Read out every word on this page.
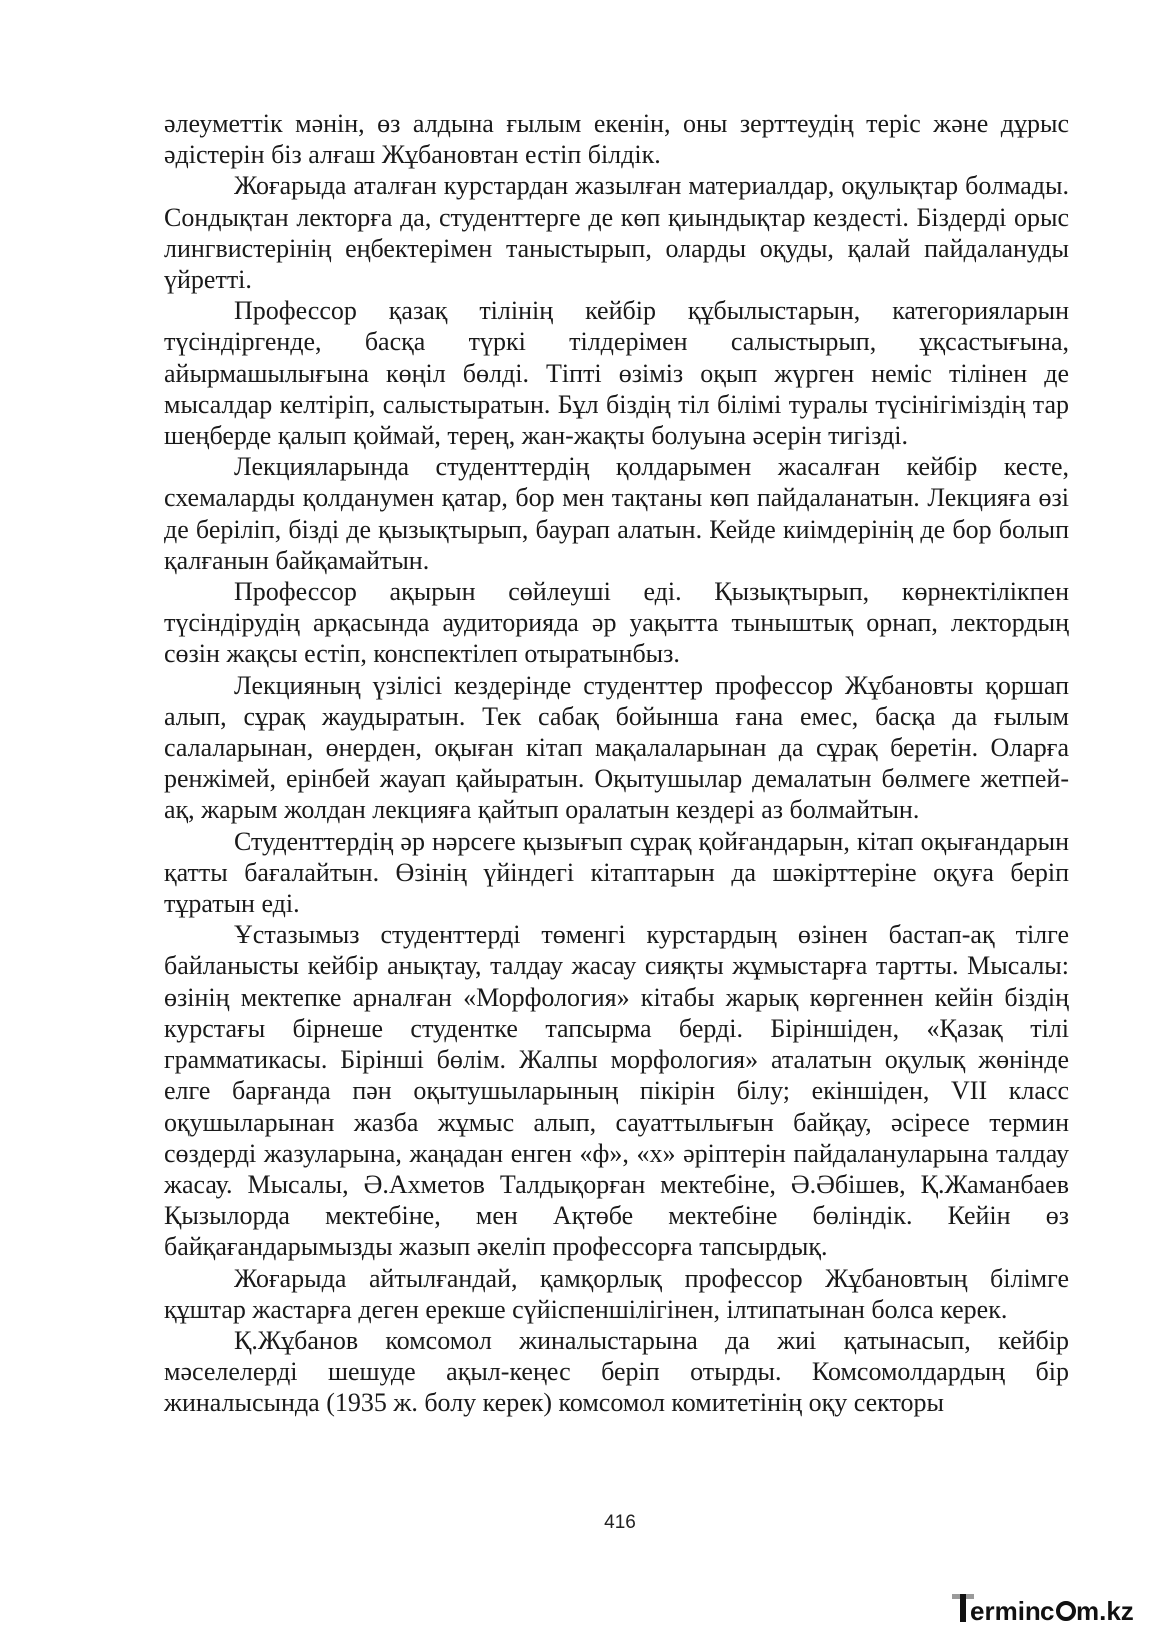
әлеуметтік мәнін, өз алдына ғылым екенін, оны зерттеудің теріс және дұрыс әдістерін біз алғаш Жұбановтан естіп білдік.

Жоғарыда аталған курстардан жазылған материалдар, оқулықтар болмады. Сондықтан лекторға да, студенттерге де көп қиындықтар кездесті. Біздерді орыс лингвистерінің еңбектерімен таныстырып, оларды оқуды, қалай пайдалануды үйретті.

Профессор қазақ тілінің кейбір құбылыстарын, категорияларын түсіндіргенде, басқа түркі тілдерімен салыстырып, ұқсастығына, айырмашылығына көңіл бөлді. Тіпті өзіміз оқып жүрген неміс тілінен де мысалдар келтіріп, салыстыратын. Бұл біздің тіл білімі туралы түсінігіміздің тар шеңберде қалып қоймай, терең, жан-жақты болуына әсерін тигізді.

Лекцияларында студенттердің қолдарымен жасалған кейбір кесте, схемаларды қолданумен қатар, бор мен тақтаны көп пайдаланатын. Лекцияға өзі де беріліп, бізді де қызықтырып, баурап алатын. Кейде киімдерінің де бор болып қалғанын байқамайтын.

Профессор ақырын сөйлеуші еді. Қызықтырып, көрнектілікпен түсіндірудің арқасында аудиторияда әр уақытта тыныштық орнап, лектордың сөзін жақсы естіп, конспектілеп отыратынбыз.

Лекцияның үзілісі кездерінде студенттер профессор Жұбановты қоршап алып, сұрақ жаудыратын. Тек сабақ бойынша ғана емес, басқа да ғылым салаларынан, өнерден, оқыған кітап мақалаларынан да сұрақ беретін. Оларға ренжімей, ерінбей жауап қайыратын. Оқытушылар демалатын бөлмеге жетпей-ақ, жарым жолдан лекцияға қайтып оралатын кездері аз болмайтын.

Студенттердің әр нәрсеге қызығып сұрақ қойғандарын, кітап оқығандарын қатты бағалайтын. Өзінің үйіндегі кітаптарын да шәкірттеріне оқуға беріп тұратын еді.

Ұстазымыз студенттерді төменгі курстардың өзінен бастап-ақ тілге байланысты кейбір анықтау, талдау жасау сияқты жұмыстарға тартты. Мысалы: өзінің мектепке арналған «Морфология» кітабы жарық көргеннен кейін біздің курстағы бірнеше студентке тапсырма берді. Біріншіден, «Қазақ тілі грамматикасы. Бірінші бөлім. Жалпы морфология» аталатын оқулық жөнінде елге барғанда пән оқытушыларының пікірін білу; екіншіден, VII класс оқушыларынан жазба жұмыс алып, сауаттылығын байқау, әсіресе термин сөздерді жазуларына, жаңадан енген «ф», «х» әріптерін пайдалануларына талдау жасау. Мысалы, Ә.Ахметов Талдықорған мектебіне, Ә.Әбішев, Қ.Жаманбаев Қызылорда мектебіне, мен Ақтөбе мектебіне бөліндік. Кейін өз байқағандарымызды жазып әкеліп профессорға тапсырдық.

Жоғарыда айтылғандай, қамқорлық профессор Жұбановтың білімге құштар жастарға деген ерекше сүйіспеншілігінен, ілтипатынан болса керек.

Қ.Жұбанов комсомол жиналыстарына да жиі қатынасып, кейбір мәселелерді шешуде ақыл-кеңес беріп отырды. Комсомолдардың бір жиналысында (1935 ж. болу керек) комсомол комитетінің оқу секторы

416
ermin c m.kz
